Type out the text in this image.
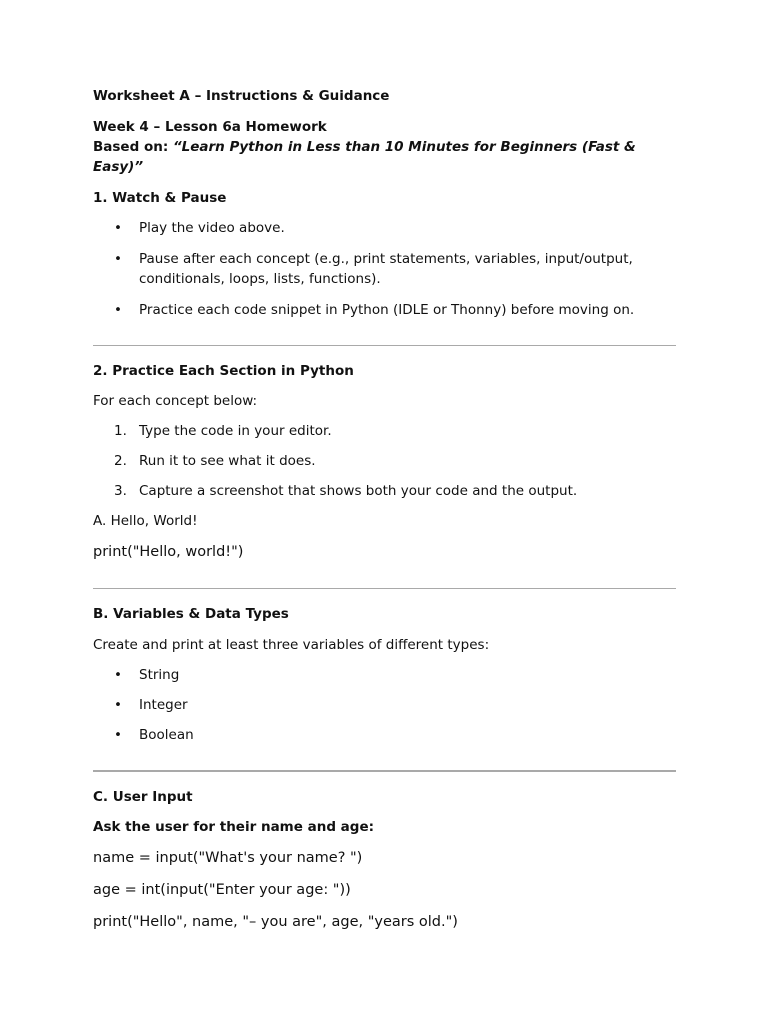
Worksheet A – Instructions & Guidance

Week 4 – Lesson 6a Homework

Based on: “Learn Python in Less than 10 Minutes for Beginners (Fast & Easy)”

1. Watch & Pause

• Play the video above.
• Pause after each concept (e.g., print statements, variables, input/output, conditionals, loops, lists, functions).
• Practice each code snippet in Python (IDLE or Thonny) before moving on.

2. Practice Each Section in Python

For each concept below:

1. Type the code in your editor.
2. Run it to see what it does.
3. Capture a screenshot that shows both your code and the output.

A. Hello, World!

print("Hello, world!")

B. Variables & Data Types

Create and print at least three variables of different types:

• String
• Integer
• Boolean

C. User Input

Ask the user for their name and age:

name = input("What's your name? ")

age = int(input("Enter your age: "))

print("Hello", name, "– you are", age, "years old.")
